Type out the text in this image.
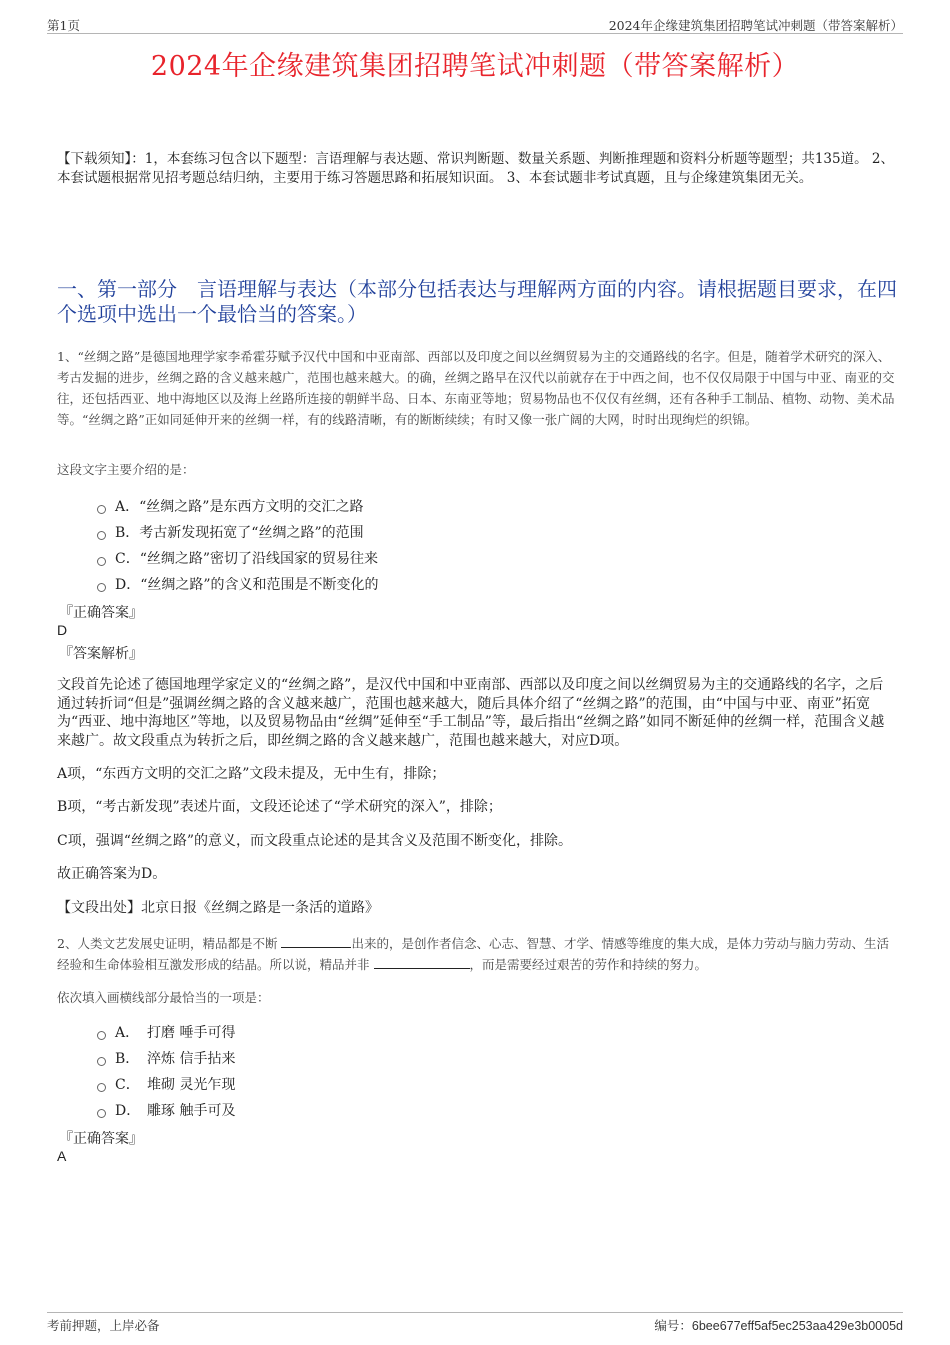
第1页	2024年企缘建筑集团招聘笔试冲刺题（带答案解析）
2024年企缘建筑集团招聘笔试冲刺题（带答案解析）
【下载须知】：1，本套练习包含以下题型：言语理解与表达题、常识判断题、数量关系题、判断推理题和资料分析题等题型；共135道。 2、本套试题根据常见招考题总结归纳，主要用于练习答题思路和拓展知识面。 3、本套试题非考试真题，且与企缘建筑集团无关。
一、第一部分　言语理解与表达（本部分包括表达与理解两方面的内容。请根据题目要求，在四个选项中选出一个最恰当的答案。）
1、“丝绸之路”是德国地理学家李希霍芬赋予汉代中国和中亚南部、西部以及印度之间以丝绸贸易为主的交通路线的名字。但是，随着学术研究的深入、考古发掘的进步，丝绸之路的含义越来越广，范围也越来越大。的确，丝绸之路早在汉代以前就存在于中西之间，也不仅仅局限于中国与中亚、南亚的交往，还包括西亚、地中海地区以及海上丝路所连接的朝鲜半岛、日本、东南亚等地；贸易物品也不仅仅有丝绸，还有各种手工制品、植物、动物、美术品等。“丝绸之路”正如同延伸开来的丝绸一样，有的线路清晰，有的断断续续；有时又像一张广阔的大网，时时出现绚烂的织锦。
这段文字主要介绍的是：
A． “丝绸之路”是东西方文明的交汇之路
B． 考古新发现拓宽了“丝绸之路”的范围
C． “丝绸之路”密切了沿线国家的贸易往来
D． “丝绸之路”的含义和范围是不断变化的
『正确答案』
D
『答案解析』
文段首先论述了德国地理学家定义的“丝绸之路”，是汉代中国和中亚南部、西部以及印度之间以丝绸贸易为主的交通路线的名字，之后通过转折词“但是”强调丝绸之路的含义越来越广，范围也越来越大，随后具体介绍了“丝绸之路”的范围，由“中国与中亚、南亚”拓宽为“西亚、地中海地区”等地，以及贸易物品由“丝绸”延伸至“手工制品”等，最后指出“丝绸之路”如同不断延伸的丝绸一样，范围含义越来越广。故文段重点为转折之后，即丝绸之路的含义越来越广，范围也越来越大，对应D项。
A项，“东西方文明的交汇之路”文段未提及，无中生有，排除；
B项，“考古新发现”表述片面，文段还论述了“学术研究的深入”，排除；
C项，强调“丝绸之路”的意义，而文段重点论述的是其含义及范围不断变化，排除。
故正确答案为D。
【文段出处】北京日报《丝绸之路是一条活的道路》
2、人类文艺发展史证明，精品都是不断	出来的，是创作者信念、心志、智慧、才学、情感等维度的集大成，是体力劳动与脑力劳动、生活经验和生命体验相互激发形成的结晶。所以说，精品并非	，而是需要经过艰苦的劳作和持续的努力。
依次填入画横线部分最恰当的一项是：
A． 打磨 唾手可得
B． 淬炼 信手拈来
C． 堆砌 灵光乍现
D． 雕琢 触手可及
『正确答案』
A
考前押题，上岸必备	编号：6bee677eff5af5ec253aa429e3b0005d
